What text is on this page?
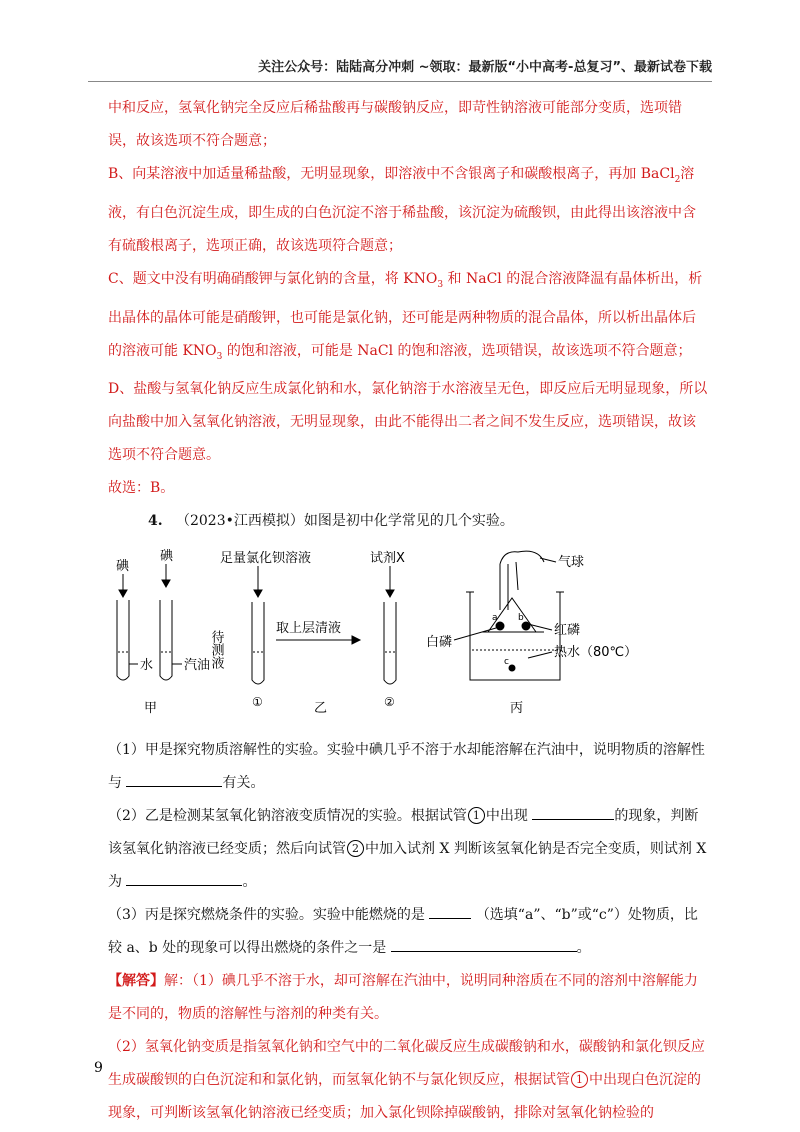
关注公众号：陆陆高分冲刺 ~领取：最新版“小中高考-总复习”、最新试卷下载

中和反应，氢氧化钠完全反应后稀盐酸再与碳酸钠反应，即苛性钠溶液可能部分变质，选项错误，故该选项不符合题意；

B、向某溶液中加适量稀盐酸，无明显现象，即溶液中不含银离子和碳酸根离子，再加 BaCl$_2$溶液，有白色沉淀生成，即生成的白色沉淀不溶于稀盐酸，该沉淀为硫酸钡，由此得出该溶液中含有硫酸根离子，选项正确，故该选项符合题意；

C、题文中没有明确硝酸钾与氯化钠的含量，将 $KNO_3$ 和 NaCl 的混合溶液降温有晶体析出，析出晶体的晶体可能是硝酸钾，也可能是氯化钠，还可能是两种物质的混合晶体，所以析出晶体后的溶液可能 $KNO_3$ 的饱和溶液，可能是 NaCl 的饱和溶液，选项错误，故该选项不符合题意；

D、盐酸与氢氧化钠反应生成氯化钠和水，氯化钠溶于水溶液呈无色，即反应后无明显现象，所以向盐酸中加入氢氧化钠溶液，无明显现象，由此不能得出二者之间不发生反应，选项错误，故该选项不符合题意。

故选：B。

4. （2023•江西模拟）如图是初中化学常见的几个实验。

碘
碘
水 汽油
甲
足量氯化钡溶液
待测液
①
取上层清液
试剂X
②
乙
气球
a b
c
红磷
白磷
热水（80℃）
丙

（1）甲是探究物质溶解性的实验。实验中碘几乎不溶于水却能溶解在汽油中，说明物质的溶解性与	有关。

（2）乙是检测某氢氧化钠溶液变质情况的实验。根据试管 1 中出现	的现象，判断该氢氧化钠溶液已经变质；然后向试管 2 中加入试剂 X 判断该氢氧化钠是否完全变质，则试剂 X 为	。

（3）丙是探究燃烧条件的实验。实验中能燃烧的是	（选填“a”、“b”或“c”）处物质，比较 a、b 处的现象可以得出燃烧的条件之一是	。

【解答】解：（1）碘几乎不溶于水，却可溶解在汽油中，说明同种溶质在不同的溶剂中溶解能力是不同的，物质的溶解性与溶剂的种类有关。

（2）氢氧化钠变质是指氢氧化钠和空气中的二氧化碳反应生成碳酸钠和水，碳酸钠和氯化钡反应生成碳酸钡的白色沉淀和和氯化钠，而氢氧化钠不与氯化钡反应，根据试管 1 中出现白色沉淀的现象，可判断该氢氧化钠溶液已经变质；加入氯化钡除掉碳酸钠，排除对氢氧化钠检验的

9
